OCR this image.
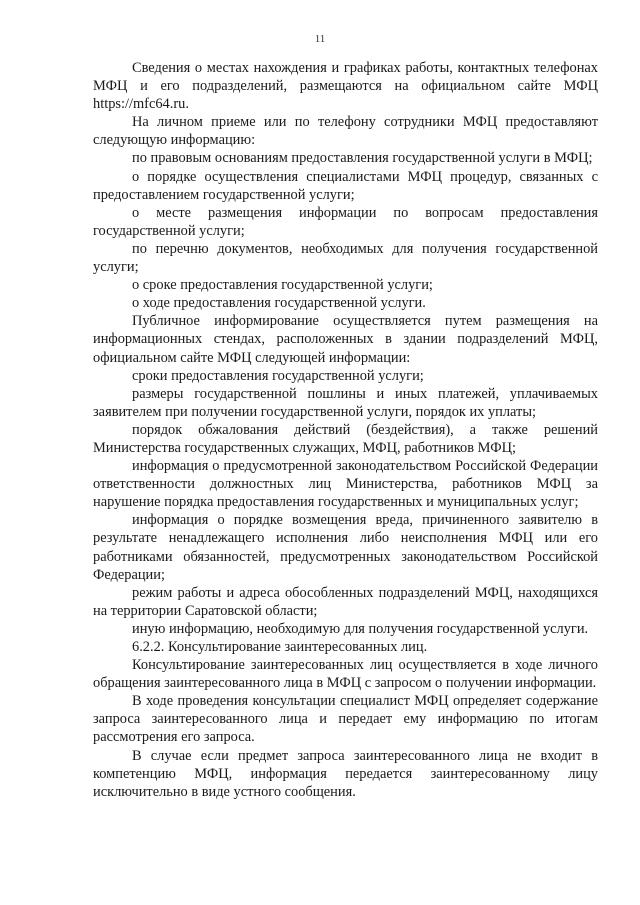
11

Сведения о местах нахождения и графиках работы, контактных телефонах МФЦ и его подразделений, размещаются на официальном сайте МФЦ https://mfc64.ru.

На личном приеме или по телефону сотрудники МФЦ предоставляют следующую информацию:

по правовым основаниям предоставления государственной услуги в МФЦ;

о порядке осуществления специалистами МФЦ процедур, связанных с предоставлением государственной услуги;

о месте размещения информации по вопросам предоставления государственной услуги;

по перечню документов, необходимых для получения государственной услуги;

о сроке предоставления государственной услуги;

о ходе предоставления государственной услуги.

Публичное информирование осуществляется путем размещения на информационных стендах, расположенных в здании подразделений МФЦ, официальном сайте МФЦ следующей информации:

сроки предоставления государственной услуги;

размеры государственной пошлины и иных платежей, уплачиваемых заявителем при получении государственной услуги, порядок их уплаты;

порядок обжалования действий (бездействия), а также решений Министерства государственных служащих, МФЦ, работников МФЦ;

информация о предусмотренной законодательством Российской Федерации ответственности должностных лиц Министерства, работников МФЦ за нарушение порядка предоставления государственных и муниципальных услуг;

информация о порядке возмещения вреда, причиненного заявителю в результате ненадлежащего исполнения либо неисполнения МФЦ или его работниками обязанностей, предусмотренных законодательством Российской Федерации;

режим работы и адреса обособленных подразделений МФЦ, находящихся на территории Саратовской области;

иную информацию, необходимую для получения государственной услуги.

6.2.2. Консультирование заинтересованных лиц.

Консультирование заинтересованных лиц осуществляется в ходе личного обращения заинтересованного лица в МФЦ с запросом о получении информации.

В ходе проведения консультации специалист МФЦ определяет содержание запроса заинтересованного лица и передает ему информацию по итогам рассмотрения его запроса.

В случае если предмет запроса заинтересованного лица не входит в компетенцию МФЦ, информация передается заинтересованному лицу исключительно в виде устного сообщения.
